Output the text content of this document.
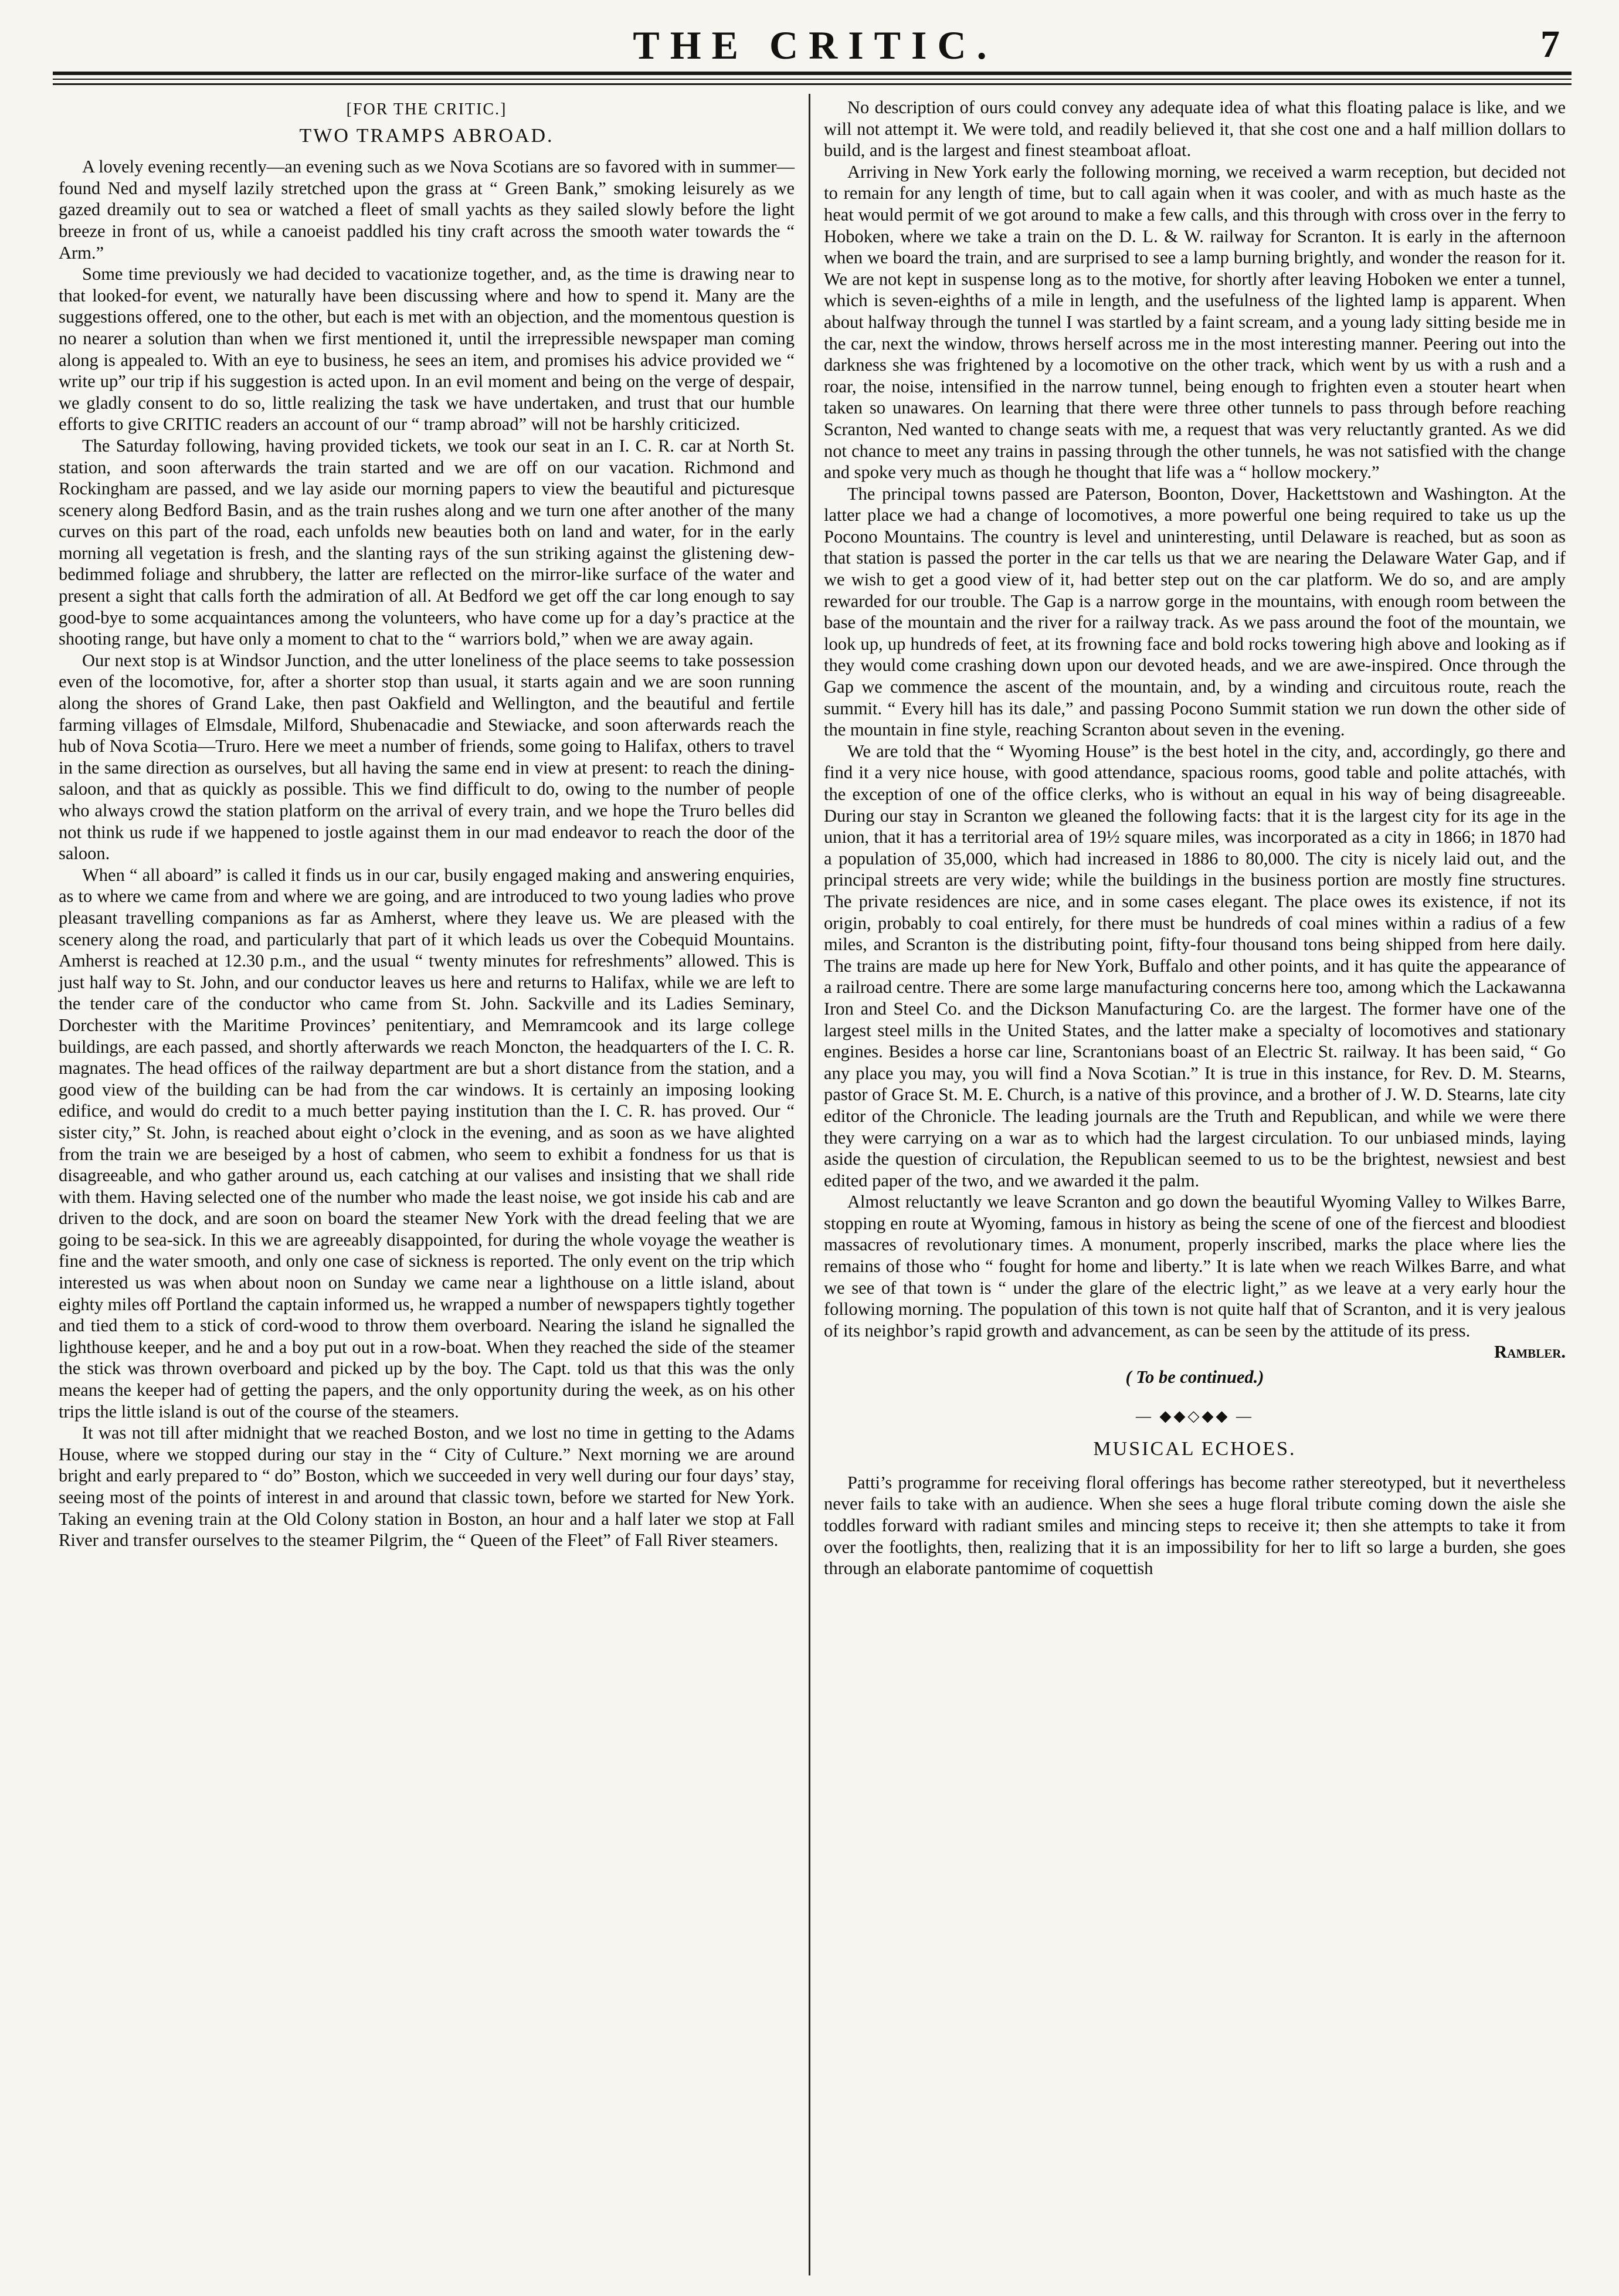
THE CRITIC.	7
[FOR THE CRITIC.]
TWO TRAMPS ABROAD.

A lovely evening recently—an evening such as we Nova Scotians are so favored with in summer—found Ned and myself lazily stretched upon the grass at “ Green Bank,” smoking leisurely as we gazed dreamily out to sea or watched a fleet of small yachts as they sailed slowly before the light breeze in front of us, while a canoeist paddled his tiny craft across the smooth water towards the “ Arm.”

Some time previously we had decided to vacationize together, and, as the time is drawing near to that looked-for event, we naturally have been discussing where and how to spend it. Many are the suggestions offered, one to the other, but each is met with an objection, and the momentous question is no nearer a solution than when we first mentioned it, until the irrepressible newspaper man coming along is appealed to. With an eye to business, he sees an item, and promises his advice provided we “ write up” our trip if his suggestion is acted upon. In an evil moment and being on the verge of despair, we gladly consent to do so, little realizing the task we have undertaken, and trust that our humble efforts to give CRITIC readers an account of our “ tramp abroad” will not be harshly criticized.

The Saturday following, having provided tickets, we took our seat in an I. C. R. car at North St. station, and soon afterwards the train started and we are off on our vacation. Richmond and Rockingham are passed, and we lay aside our morning papers to view the beautiful and picturesque scenery along Bedford Basin, and as the train rushes along and we turn one after another of the many curves on this part of the road, each unfolds new beauties both on land and water, for in the early morning all vegetation is fresh, and the slanting rays of the sun striking against the glistening dew-bedimmed foliage and shrubbery, the latter are reflected on the mirror-like surface of the water and present a sight that calls forth the admiration of all. At Bedford we get off the car long enough to say good-bye to some acquaintances among the volunteers, who have come up for a day’s practice at the shooting range, but have only a moment to chat to the “ warriors bold,” when we are away again.

Our next stop is at Windsor Junction, and the utter loneliness of the place seems to take possession even of the locomotive, for, after a shorter stop than usual, it starts again and we are soon running along the shores of Grand Lake, then past Oakfield and Wellington, and the beautiful and fertile farming villages of Elmsdale, Milford, Shubenacadie and Stewiacke, and soon afterwards reach the hub of Nova Scotia—Truro. Here we meet a number of friends, some going to Halifax, others to travel in the same direction as ourselves, but all having the same end in view at present: to reach the dining-saloon, and that as quickly as possible. This we find difficult to do, owing to the number of people who always crowd the station platform on the arrival of every train, and we hope the Truro belles did not think us rude if we happened to jostle against them in our mad endeavor to reach the door of the saloon.

When “ all aboard” is called it finds us in our car, busily engaged making and answering enquiries, as to where we came from and where we are going, and are introduced to two young ladies who prove pleasant travelling companions as far as Amherst, where they leave us. We are pleased with the scenery along the road, and particularly that part of it which leads us over the Cobequid Mountains. Amherst is reached at 12.30 p.m., and the usual “ twenty minutes for refreshments” allowed. This is just half way to St. John, and our conductor leaves us here and returns to Halifax, while we are left to the tender care of the conductor who came from St. John. Sackville and its Ladies Seminary, Dorchester with the Maritime Provinces’ penitentiary, and Memramcook and its large college buildings, are each passed, and shortly afterwards we reach Moncton, the headquarters of the I. C. R. magnates. The head offices of the railway department are but a short distance from the station, and a good view of the building can be had from the car windows. It is certainly an imposing looking edifice, and would do credit to a much better paying institution than the I. C. R. has proved. Our “ sister city,” St. John, is reached about eight o’clock in the evening, and as soon as we have alighted from the train we are beseiged by a host of cabmen, who seem to exhibit a fondness for us that is disagreeable, and who gather around us, each catching at our valises and insisting that we shall ride with them. Having selected one of the number who made the least noise, we got inside his cab and are driven to the dock, and are soon on board the steamer New York with the dread feeling that we are going to be sea-sick. In this we are agreeably disappointed, for during the whole voyage the weather is fine and the water smooth, and only one case of sickness is reported. The only event on the trip which interested us was when about noon on Sunday we came near a lighthouse on a little island, about eighty miles off Portland the captain informed us, he wrapped a number of newspapers tightly together and tied them to a stick of cord-wood to throw them overboard. Nearing the island he signalled the lighthouse keeper, and he and a boy put out in a row-boat. When they reached the side of the steamer the stick was thrown overboard and picked up by the boy. The Capt. told us that this was the only means the keeper had of getting the papers, and the only opportunity during the week, as on his other trips the little island is out of the course of the steamers.

It was not till after midnight that we reached Boston, and we lost no time in getting to the Adams House, where we stopped during our stay in the “ City of Culture.” Next morning we are around bright and early prepared to “ do” Boston, which we succeeded in very well during our four days’ stay, seeing most of the points of interest in and around that classic town, before we started for New York. Taking an evening train at the Old Colony station in Boston, an hour and a half later we stop at Fall River and transfer ourselves to the steamer Pilgrim, the “ Queen of the Fleet” of Fall River steamers.

No description of ours could convey any adequate idea of what this floating palace is like, and we will not attempt it. We were told, and readily believed it, that she cost one and a half million dollars to build, and is the largest and finest steamboat afloat.

Arriving in New York early the following morning, we received a warm reception, but decided not to remain for any length of time, but to call again when it was cooler, and with as much haste as the heat would permit of we got around to make a few calls, and this through with cross over in the ferry to Hoboken, where we take a train on the D. L. & W. railway for Scranton. It is early in the afternoon when we board the train, and are surprised to see a lamp burning brightly, and wonder the reason for it. We are not kept in suspense long as to the motive, for shortly after leaving Hoboken we enter a tunnel, which is seven-eighths of a mile in length, and the usefulness of the lighted lamp is apparent. When about halfway through the tunnel I was startled by a faint scream, and a young lady sitting beside me in the car, next the window, throws herself across me in the most interesting manner. Peering out into the darkness she was frightened by a locomotive on the other track, which went by us with a rush and a roar, the noise, intensified in the narrow tunnel, being enough to frighten even a stouter heart when taken so unawares. On learning that there were three other tunnels to pass through before reaching Scranton, Ned wanted to change seats with me, a request that was very reluctantly granted. As we did not chance to meet any trains in passing through the other tunnels, he was not satisfied with the change and spoke very much as though he thought that life was a “ hollow mockery.”

The principal towns passed are Paterson, Boonton, Dover, Hackettstown and Washington. At the latter place we had a change of locomotives, a more powerful one being required to take us up the Pocono Mountains. The country is level and uninteresting, until Delaware is reached, but as soon as that station is passed the porter in the car tells us that we are nearing the Delaware Water Gap, and if we wish to get a good view of it, had better step out on the car platform. We do so, and are amply rewarded for our trouble. The Gap is a narrow gorge in the mountains, with enough room between the base of the mountain and the river for a railway track. As we pass around the foot of the mountain, we look up, up hundreds of feet, at its frowning face and bold rocks towering high above and looking as if they would come crashing down upon our devoted heads, and we are awe-inspired. Once through the Gap we commence the ascent of the mountain, and, by a winding and circuitous route, reach the summit. “ Every hill has its dale,” and passing Pocono Summit station we run down the other side of the mountain in fine style, reaching Scranton about seven in the evening.

We are told that the “ Wyoming House” is the best hotel in the city, and, accordingly, go there and find it a very nice house, with good attendance, spacious rooms, good table and polite attachés, with the exception of one of the office clerks, who is without an equal in his way of being disagreeable. During our stay in Scranton we gleaned the following facts: that it is the largest city for its age in the union, that it has a territorial area of 19½ square miles, was incorporated as a city in 1866; in 1870 had a population of 35,000, which had increased in 1886 to 80,000. The city is nicely laid out, and the principal streets are very wide; while the buildings in the business portion are mostly fine structures. The private residences are nice, and in some cases elegant. The place owes its existence, if not its origin, probably to coal entirely, for there must be hundreds of coal mines within a radius of a few miles, and Scranton is the distributing point, fifty-four thousand tons being shipped from here daily. The trains are made up here for New York, Buffalo and other points, and it has quite the appearance of a railroad centre. There are some large manufacturing concerns here too, among which the Lackawanna Iron and Steel Co. and the Dickson Manufacturing Co. are the largest. The former have one of the largest steel mills in the United States, and the latter make a specialty of locomotives and stationary engines. Besides a horse car line, Scrantonians boast of an Electric St. railway. It has been said, “ Go any place you may, you will find a Nova Scotian.” It is true in this instance, for Rev. D. M. Stearns, pastor of Grace St. M. E. Church, is a native of this province, and a brother of J. W. D. Stearns, late city editor of the Chronicle. The leading journals are the Truth and Republican, and while we were there they were carrying on a war as to which had the largest circulation. To our unbiased minds, laying aside the question of circulation, the Republican seemed to us to be the brightest, newsiest and best edited paper of the two, and we awarded it the palm.

Almost reluctantly we leave Scranton and go down the beautiful Wyoming Valley to Wilkes Barre, stopping en route at Wyoming, famous in history as being the scene of one of the fiercest and bloodiest massacres of revolutionary times. A monument, properly inscribed, marks the place where lies the remains of those who “ fought for home and liberty.” It is late when we reach Wilkes Barre, and what we see of that town is “ under the glare of the electric light,” as we leave at a very early hour the following morning. The population of this town is not quite half that of Scranton, and it is very jealous of its neighbor’s rapid growth and advancement, as can be seen by the attitude of its press.

Rambler.
( To be continued.)
— ◆◆◇◆◆ —
MUSICAL ECHOES.

Patti’s programme for receiving floral offerings has become rather stereotyped, but it nevertheless never fails to take with an audience. When she sees a huge floral tribute coming down the aisle she toddles forward with radiant smiles and mincing steps to receive it; then she attempts to take it from over the footlights, then, realizing that it is an impossibility for her to lift so large a burden, she goes through an elaborate pantomime of coquettish
